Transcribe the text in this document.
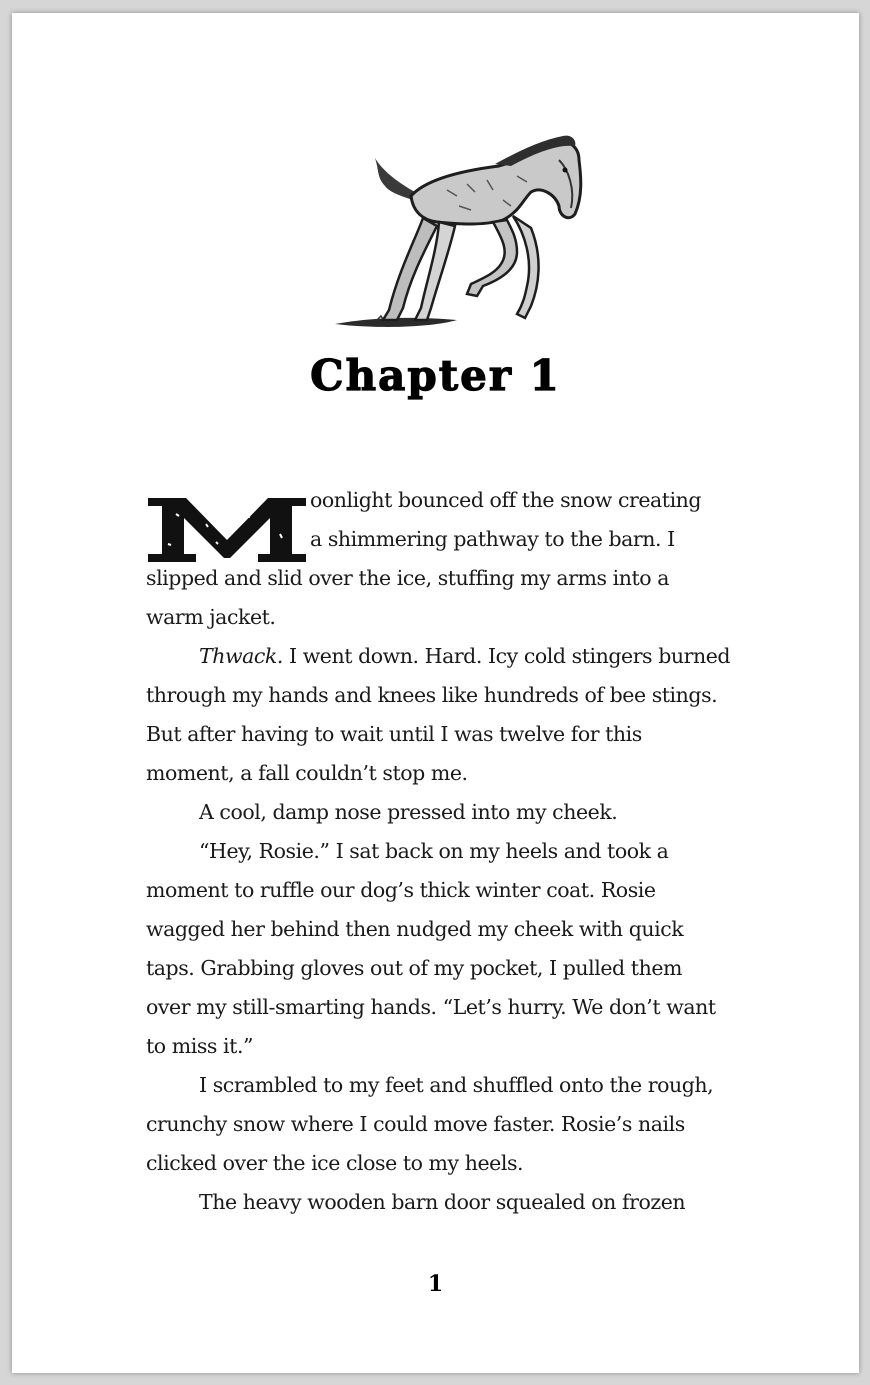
Chapter 1
M	oonlight bounced off the snow creating
a shimmering pathway to the barn. I
slipped and slid over the ice, stuffing my arms into a
warm jacket.
Thwack. I went down. Hard. Icy cold stingers burned
through my hands and knees like hundreds of bee stings.
But after having to wait until I was twelve for this
moment, a fall couldn’t stop me.
A cool, damp nose pressed into my cheek.
“Hey, Rosie.” I sat back on my heels and took a
moment to ruffle our dog’s thick winter coat. Rosie
wagged her behind then nudged my cheek with quick
taps. Grabbing gloves out of my pocket, I pulled them
over my still-smarting hands. “Let’s hurry. We don’t want
to miss it.”
I scrambled to my feet and shuffled onto the rough,
crunchy snow where I could move faster. Rosie’s nails
clicked over the ice close to my heels.
The heavy wooden barn door squealed on frozen
1
